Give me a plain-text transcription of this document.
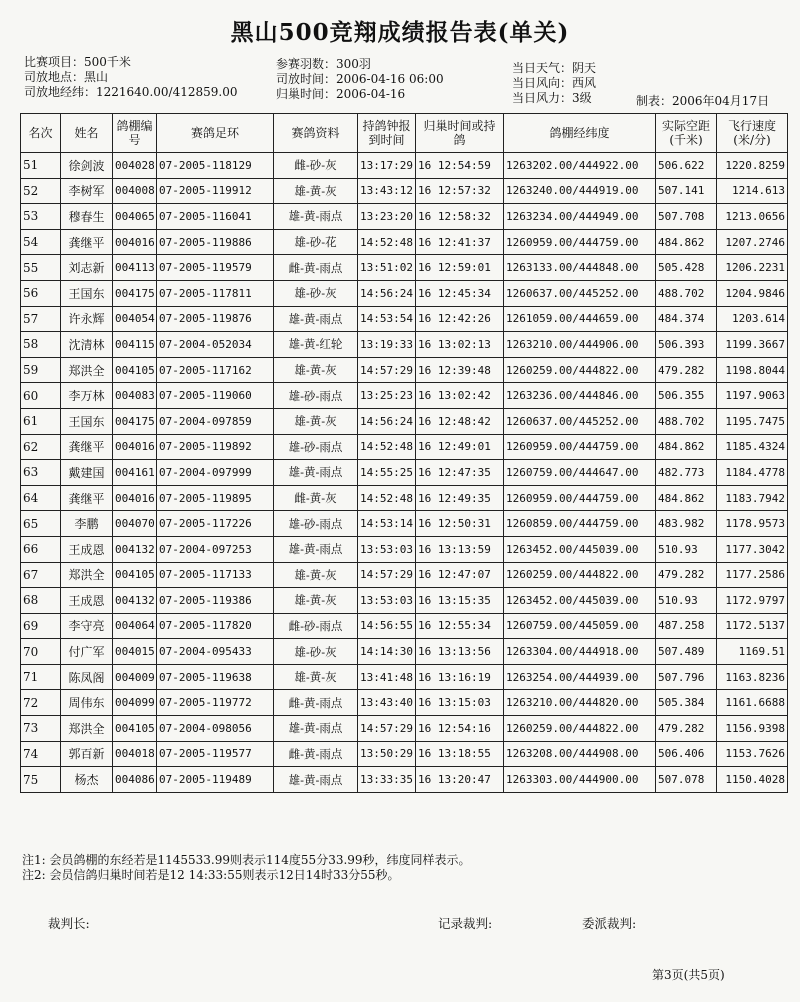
黑山500竞翔成绩报告表(单关)
比赛项目：500千米
司放地点：黑山
司放地经纬：1221640.00/412859.00
参赛羽数：300羽
司放时间：2006-04-16 06:00
归巢时间：2006-04-16
当日天气：阴天
当日风向：西风
当日风力：3级	制表：2006年04月17日
名次	姓名	鸽棚编号	赛鸽足环	赛鸽资料	持鸽钟报到时间	归巢时间或持鸽	鸽棚经纬度	实际空距(千米)	飞行速度(米/分)
51	徐剑波	004028	07-2005-118129	雌-砂-灰	13:17:29	16 12:54:59	1263202.00/444922.00	506.622	1220.8259
52	李树军	004008	07-2005-119912	雄-黄-灰	13:43:12	16 12:57:32	1263240.00/444919.00	507.141	1214.613
53	穆春生	004065	07-2005-116041	雄-黄-雨点	13:23:20	16 12:58:32	1263234.00/444949.00	507.708	1213.0656
54	龚继平	004016	07-2005-119886	雄-砂-花	14:52:48	16 12:41:37	1260959.00/444759.00	484.862	1207.2746
55	刘志新	004113	07-2005-119579	雌-黄-雨点	13:51:02	16 12:59:01	1263133.00/444848.00	505.428	1206.2231
56	王国东	004175	07-2005-117811	雄-砂-灰	14:56:24	16 12:45:34	1260637.00/445252.00	488.702	1204.9846
57	许永辉	004054	07-2005-119876	雄-黄-雨点	14:53:54	16 12:42:26	1261059.00/444659.00	484.374	1203.614
58	沈清林	004115	07-2004-052034	雄-黄-红轮	13:19:33	16 13:02:13	1263210.00/444906.00	506.393	1199.3667
59	郑洪全	004105	07-2005-117162	雄-黄-灰	14:57:29	16 12:39:48	1260259.00/444822.00	479.282	1198.8044
60	李万林	004083	07-2005-119060	雄-砂-雨点	13:25:23	16 13:02:42	1263236.00/444846.00	506.355	1197.9063
61	王国东	004175	07-2004-097859	雄-黄-灰	14:56:24	16 12:48:42	1260637.00/445252.00	488.702	1195.7475
62	龚继平	004016	07-2005-119892	雄-砂-雨点	14:52:48	16 12:49:01	1260959.00/444759.00	484.862	1185.4324
63	戴建国	004161	07-2004-097999	雄-黄-雨点	14:55:25	16 12:47:35	1260759.00/444647.00	482.773	1184.4778
64	龚继平	004016	07-2005-119895	雌-黄-灰	14:52:48	16 12:49:35	1260959.00/444759.00	484.862	1183.7942
65	李鹏	004070	07-2005-117226	雄-砂-雨点	14:53:14	16 12:50:31	1260859.00/444759.00	483.982	1178.9573
66	王成恩	004132	07-2004-097253	雄-黄-雨点	13:53:03	16 13:13:59	1263452.00/445039.00	510.93	1177.3042
67	郑洪全	004105	07-2005-117133	雄-黄-灰	14:57:29	16 12:47:07	1260259.00/444822.00	479.282	1177.2586
68	王成恩	004132	07-2005-119386	雄-黄-灰	13:53:03	16 13:15:35	1263452.00/445039.00	510.93	1172.9797
69	李守亮	004064	07-2005-117820	雌-砂-雨点	14:56:55	16 12:55:34	1260759.00/445059.00	487.258	1172.5137
70	付广军	004015	07-2004-095433	雄-砂-灰	14:14:30	16 13:13:56	1263304.00/444918.00	507.489	1169.51
71	陈凤阁	004009	07-2005-119638	雄-黄-灰	13:41:48	16 13:16:19	1263254.00/444939.00	507.796	1163.8236
72	周伟东	004099	07-2005-119772	雌-黄-雨点	13:43:40	16 13:15:03	1263210.00/444820.00	505.384	1161.6688
73	郑洪全	004105	07-2004-098056	雄-黄-雨点	14:57:29	16 12:54:16	1260259.00/444822.00	479.282	1156.9398
74	郭百新	004018	07-2005-119577	雌-黄-雨点	13:50:29	16 13:18:55	1263208.00/444908.00	506.406	1153.7626
75	杨杰	004086	07-2005-119489	雄-黄-雨点	13:33:35	16 13:20:47	1263303.00/444900.00	507.078	1150.4028
注1: 会员鸽棚的东经若是1145533.99则表示114度55分33.99秒，纬度同样表示。
注2: 会员信鸽归巢时间若是12 14:33:55则表示12日14时33分55秒。
裁判长:	记录裁判:	委派裁判:
第3页(共5页)
